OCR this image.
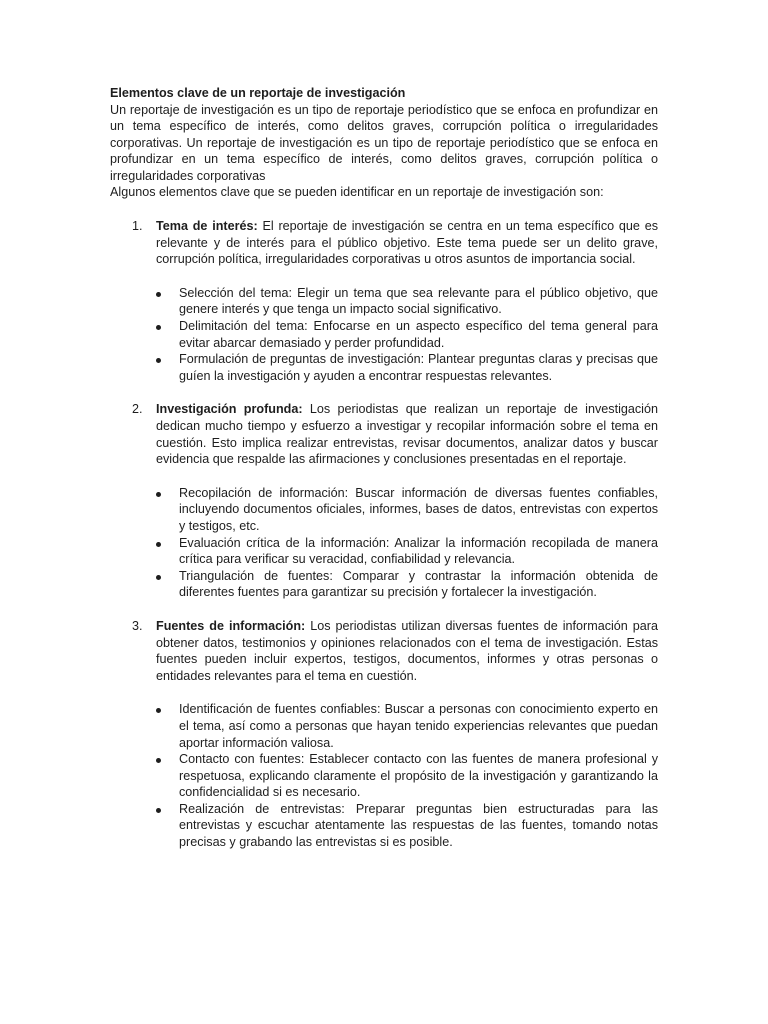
Elementos clave de un reportaje de investigación

Un reportaje de investigación es un tipo de reportaje periodístico que se enfoca en profundizar en un tema específico de interés, como delitos graves, corrupción política o irregularidades corporativas. Un reportaje de investigación es un tipo de reportaje periodístico que se enfoca en profundizar en un tema específico de interés, como delitos graves, corrupción política o irregularidades corporativas

Algunos elementos clave que se pueden identificar en un reportaje de investigación son:

1. Tema de interés: El reportaje de investigación se centra en un tema específico que es relevante y de interés para el público objetivo. Este tema puede ser un delito grave, corrupción política, irregularidades corporativas u otros asuntos de importancia social.

Selección del tema: Elegir un tema que sea relevante para el público objetivo, que genere interés y que tenga un impacto social significativo.
Delimitación del tema: Enfocarse en un aspecto específico del tema general para evitar abarcar demasiado y perder profundidad.
Formulación de preguntas de investigación: Plantear preguntas claras y precisas que guíen la investigación y ayuden a encontrar respuestas relevantes.
2. Investigación profunda: Los periodistas que realizan un reportaje de investigación dedican mucho tiempo y esfuerzo a investigar y recopilar información sobre el tema en cuestión. Esto implica realizar entrevistas, revisar documentos, analizar datos y buscar evidencia que respalde las afirmaciones y conclusiones presentadas en el reportaje.

Recopilación de información: Buscar información de diversas fuentes confiables, incluyendo documentos oficiales, informes, bases de datos, entrevistas con expertos y testigos, etc.
Evaluación crítica de la información: Analizar la información recopilada de manera crítica para verificar su veracidad, confiabilidad y relevancia.
Triangulación de fuentes: Comparar y contrastar la información obtenida de diferentes fuentes para garantizar su precisión y fortalecer la investigación.
3. Fuentes de información: Los periodistas utilizan diversas fuentes de información para obtener datos, testimonios y opiniones relacionados con el tema de investigación. Estas fuentes pueden incluir expertos, testigos, documentos, informes y otras personas o entidades relevantes para el tema en cuestión.

Identificación de fuentes confiables: Buscar a personas con conocimiento experto en el tema, así como a personas que hayan tenido experiencias relevantes que puedan aportar información valiosa.
Contacto con fuentes: Establecer contacto con las fuentes de manera profesional y respetuosa, explicando claramente el propósito de la investigación y garantizando la confidencialidad si es necesario.
Realización de entrevistas: Preparar preguntas bien estructuradas para las entrevistas y escuchar atentamente las respuestas de las fuentes, tomando notas precisas y grabando las entrevistas si es posible.
